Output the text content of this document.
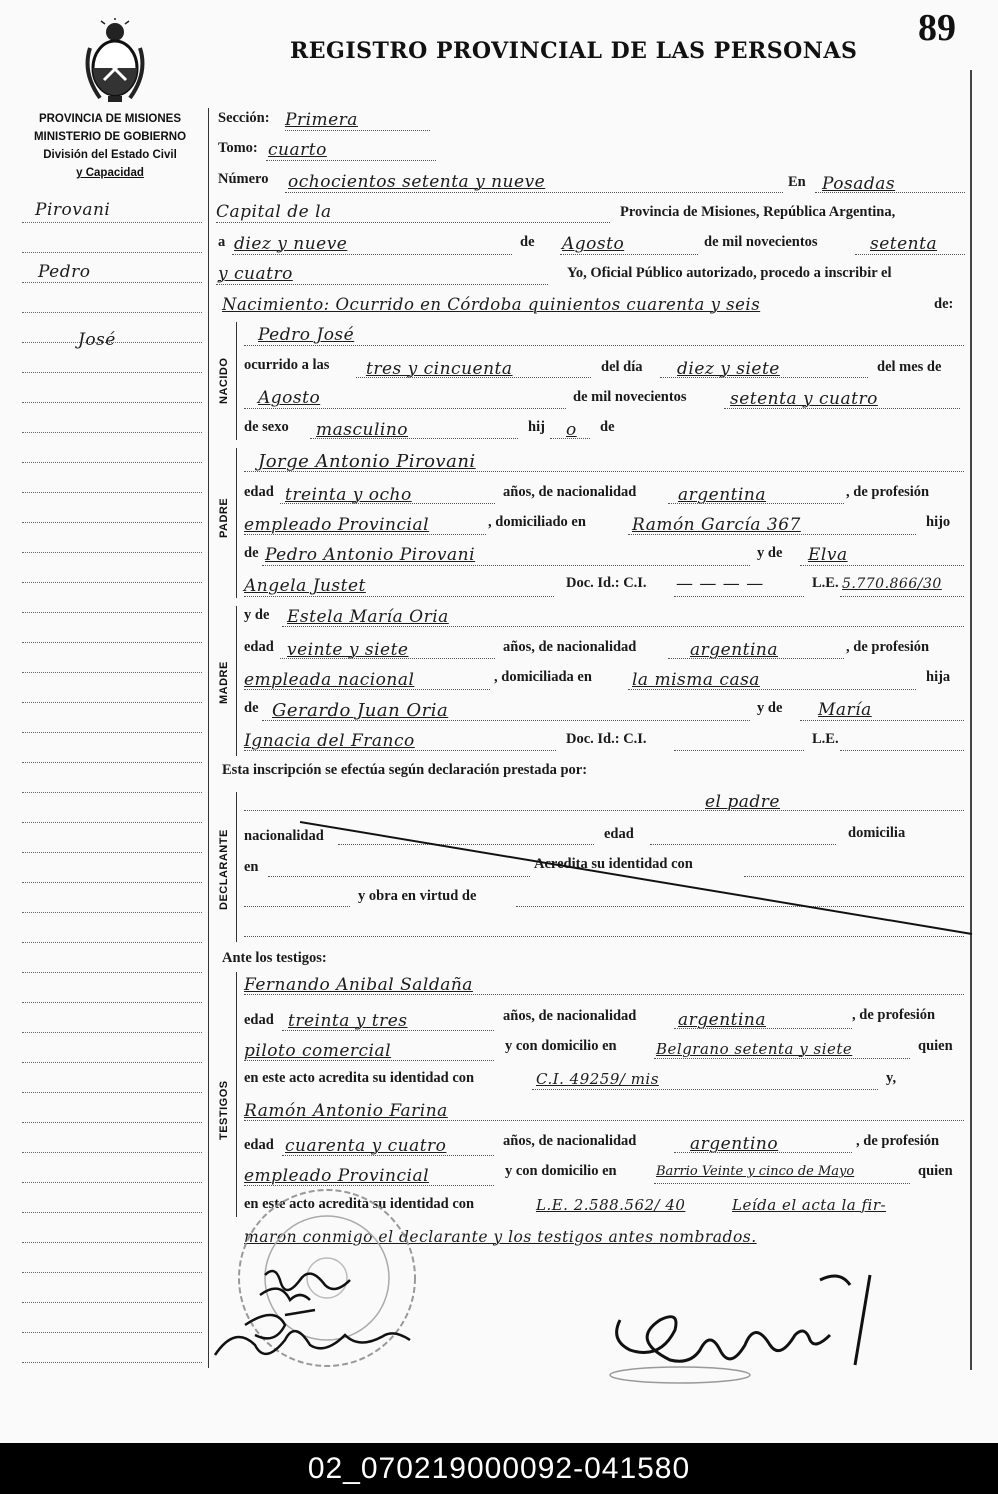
PROVINCIA DE MISIONES
MINISTERIO DE GOBIERNO
División del Estado Civil
y Capacidad
REGISTRO PROVINCIAL DE LAS PERSONAS
89
Pirovani
Pedro
José
NACIDO
PADRE
MADRE
DECLARANTE
TESTIGOS
Sección: Primera
Tomo: cuarto
Número ochocientos setenta y nueve	En Posadas
Capital de la	Provincia de Misiones, República Argentina,
a diez y nueve	de Agosto	de mil novecientos	setenta
y cuatro	Yo, Oficial Público autorizado, procedo a inscribir el
Nacimiento: Ocurrido en Córdoba quinientos cuarenta y seis	de:
Pedro José
ocurrido a las tres y cincuenta	del día diez y siete	del mes de
Agosto	de mil novecientos	setenta y cuatro
de sexo masculino	hij o de
Jorge Antonio Pirovani
edad treinta y ocho	años, de nacionalidad argentina	, de profesión
empleado Provincial	, domiciliado en	Ramón García 367	hijo
de Pedro Antonio Pirovani	y de Elva
Angela Justet	Doc. Id.: C.I. — — — —	L.E. 5.770.866/30
y de Estela María Oria
edad veinte y siete	años, de nacionalidad	argentina	, de profesión
empleada nacional	, domiciliada en la misma casa	hija
de Gerardo Juan Oria	y de María
Ignacia del Franco	Doc. Id.: C.I.	L.E.
Esta inscripción se efectúa según declaración prestada por:
el padre
nacionalidad	edad	domicilia
en	Acredita su identidad con
y obra en virtud de
Ante los testigos:
Fernando Anibal Saldaña
edad treinta y tres	años, de nacionalidad argentina	, de profesión
piloto comercial	y con domicilio en	Belgrano setenta y siete	quien
en este acto acredita su identidad con	C.I. 49259/ mis	y,
Ramón Antonio Farina
edad cuarenta y cuatro	años, de nacionalidad	argentino	, de profesión
empleado Provincial	y con domicilio en	Barrio Veinte y cinco de Mayo	quien
en este acto acredita su identidad con	L.E. 2.588.562/ 40	Leída el acta la fir-
maron conmigo el declarante y los testigos antes nombrados.
02_070219000092-041580
